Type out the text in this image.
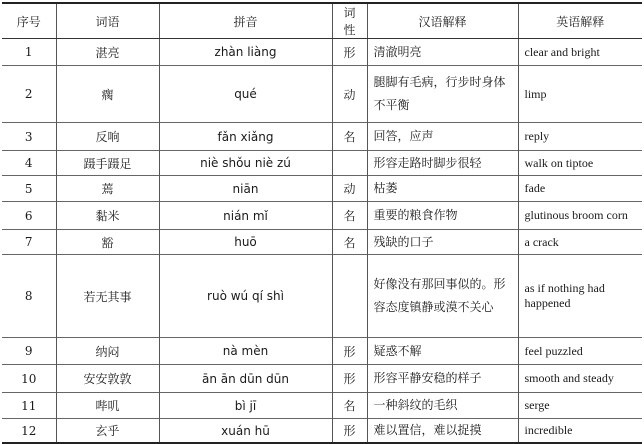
序号	词语	拼音	词性	汉语解释	英语解释
1	湛亮	zhàn liàng	形	清澈明亮	clear and bright
2	瘸	qué	动	腿脚有毛病，行步时身体不平衡	limp
3	反响	fǎn xiǎng	名	回答，应声	reply
4	蹑手蹑足	niè shǒu niè zú		形容走路时脚步很轻	walk on tiptoe
5	蔫	niān	动	枯萎	fade
6	黏米	nián mǐ	名	重要的粮食作物	glutinous broom corn
7	豁	huō	名	残缺的口子	a crack
8	若无其事	ruò wú qí shì		好像没有那回事似的。形容态度镇静或漠不关心	as if nothing had happened
9	纳闷	nà mèn	形	疑惑不解	feel puzzled
10	安安敦敦	ān ān dūn dūn	形	形容平静安稳的样子	smooth and steady
11	哔叽	bì jī	名	一种斜纹的毛织	serge
12	玄乎	xuán hū	形	难以置信，难以捉摸	incredible
